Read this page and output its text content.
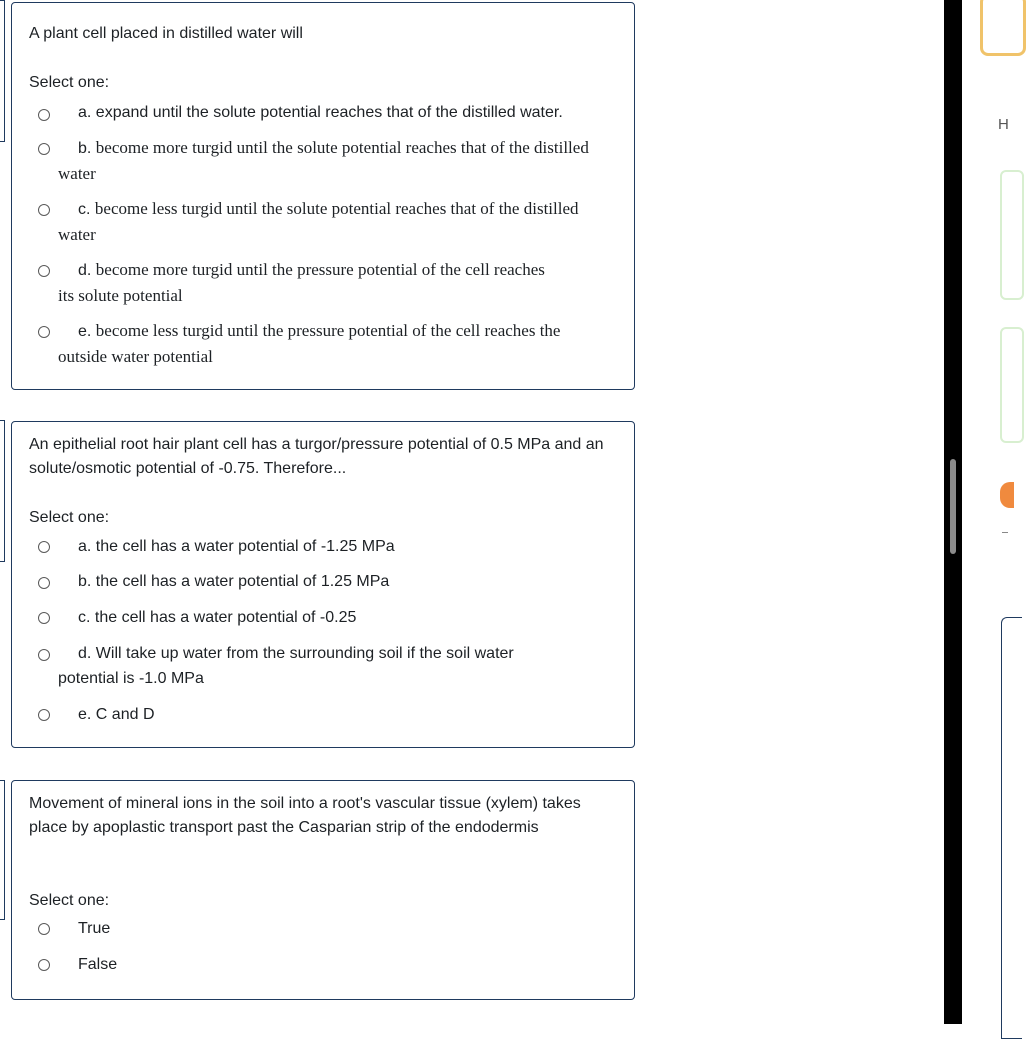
A plant cell placed in distilled water will
Select one:
a. expand until the solute potential reaches that of the distilled water.
b. become more turgid until the solute potential reaches that of the distilled water
c. become less turgid until the solute potential reaches that of the distilled water
d. become more turgid until the pressure potential of the cell reaches its solute potential
e. become less turgid until the pressure potential of the cell reaches the outside water potential
An epithelial root hair plant cell has a turgor/pressure potential of 0.5 MPa and an solute/osmotic potential of -0.75. Therefore...
Select one:
a. the cell has a water potential of -1.25 MPa
b. the cell has a water potential of 1.25 MPa
c. the cell has a water potential of -0.25
d. Will take up water from the surrounding soil if the soil water potential is -1.0 MPa
e. C and D
Movement of mineral ions in the soil into a root's vascular tissue (xylem) takes place by apoplastic transport past the Casparian strip of the endodermis
Select one:
True
False
H
